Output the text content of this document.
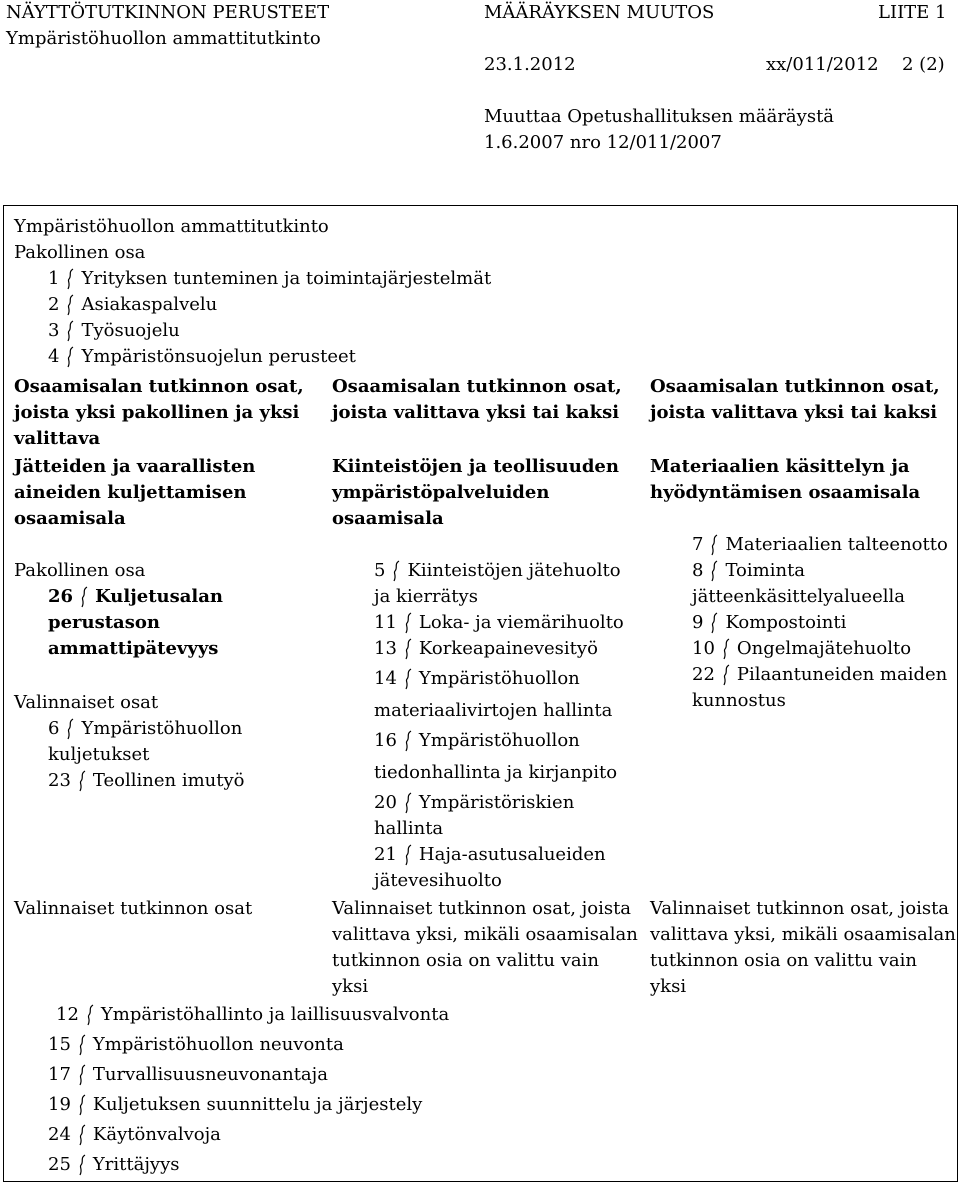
NÄYTTÖTUTKINNON PERUSTEET
Ympäristöhuollon ammattitutkinto
MÄÄRÄYKSEN MUUTOS	LIITE 1
23.1.2012	xx/011/2012 2 (2)
Muuttaa Opetushallituksen määräystä
1.6.2007 nro 12/011/2007
Ympäristöhuollon ammattitutkinto
Pakollinen osa
1 Yrityksen tunteminen ja toimintajärjestelmät
2 Asiakaspalvelu
3 Työsuojelu
4 Ympäristönsuojelun perusteet
Osaamisalan tutkinnon osat,
joista yksi pakollinen ja yksi
valittava
Jätteiden ja vaarallisten
aineiden kuljettamisen
osaamisala
Pakollinen osa
26 Kuljetusalan
perustason
ammattipätevyys
Valinnaiset osat
6 Ympäristöhuollon
kuljetukset
23 Teollinen imutyö
Valinnaiset tutkinnon osat
Osaamisalan tutkinnon osat,
joista valittava yksi tai kaksi
Kiinteistöjen ja teollisuuden
ympäristöpalveluiden
osaamisala
5 Kiinteistöjen jätehuolto
ja kierrätys
11 Loka- ja viemärihuolto
13 Korkeapainevesityö
14 Ympäristöhuollon
materiaalivirtojen hallinta
16 Ympäristöhuollon
tiedonhallinta ja kirjanpito
20 Ympäristöriskien
hallinta
21 Haja-asutusalueiden
jätevesihuolto
Valinnaiset tutkinnon osat, joista
valittava yksi, mikäli osaamisalan
tutkinnon osia on valittu vain
yksi
Osaamisalan tutkinnon osat,
joista valittava yksi tai kaksi
Materiaalien käsittelyn ja
hyödyntämisen osaamisala
7 Materiaalien talteenotto
8 Toiminta
jätteenkäsittelyalueella
9 Kompostointi
10 Ongelmajätehuolto
22 Pilaantuneiden maiden
kunnostus
Valinnaiset tutkinnon osat, joista
valittava yksi, mikäli osaamisalan
tutkinnon osia on valittu vain
yksi
12 Ympäristöhallinto ja laillisuusvalvonta
15 Ympäristöhuollon neuvonta
17 Turvallisuusneuvonantaja
19 Kuljetuksen suunnittelu ja järjestely
24 Käytönvalvoja
25 Yrittäjyys
